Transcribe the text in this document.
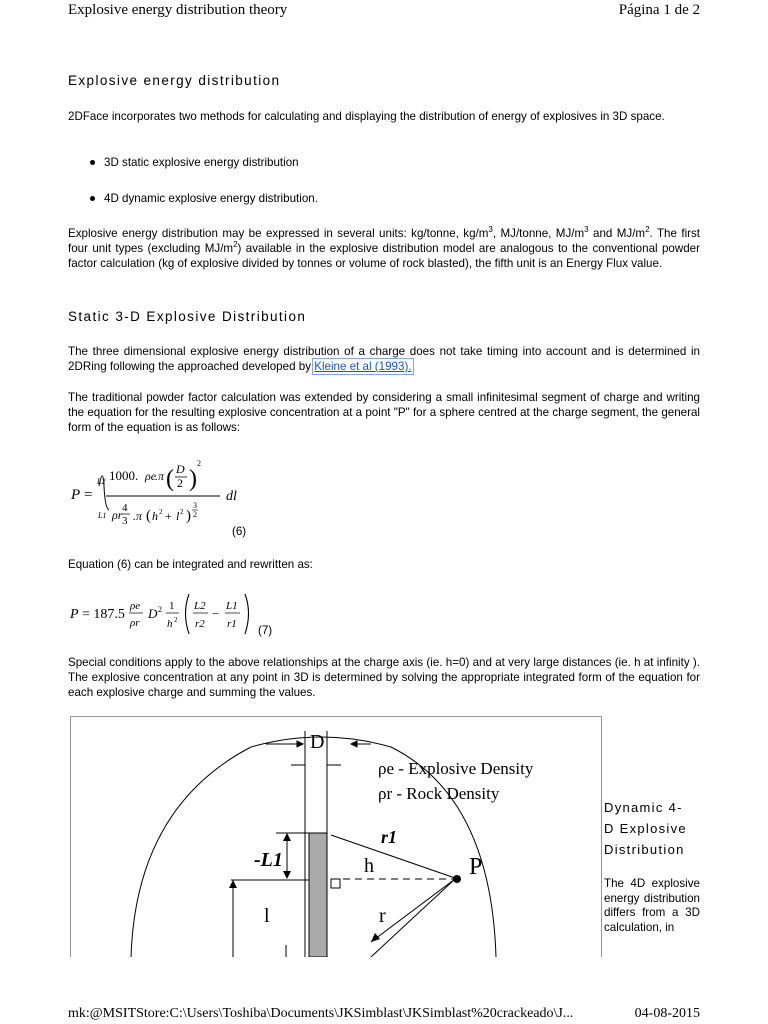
Explosive energy distribution theory	Página 1 de 2
Explosive energy distribution
2DFace incorporates two methods for calculating and displaying the distribution of energy of explosives in 3D space.
3D static explosive energy distribution
4D dynamic explosive energy distribution.
Explosive energy distribution may be expressed in several units: kg/tonne, $kg/m^3$, MJ/tonne, $MJ/m^3$ and $MJ/m^2$. The first four unit types (excluding $MJ/m^2$) available in the explosive distribution model are analogous to the conventional powder factor calculation (kg of explosive divided by tonnes or volume of rock blasted), the fifth unit is an Energy Flux value.
Static 3-D Explosive Distribution
The three dimensional explosive energy distribution of a charge does not take timing into account and is determined in 2DRing following the approached developed by Kleine et al (1993).
The traditional powder factor calculation was extended by considering a small infinitesimal segment of charge and writing the equation for the resulting explosive concentration at a point "P" for a sphere centred at the charge segment, the general form of the equation is as follows:
P =
L2
L1
1000. ρe
.π ( D
2 )
2
ρr 4
3 .π ( h 2 + l 2 )
3
2
dl
(6)
Equation (6) can be integrated and rewritten as:
P = 187.5
ρe
ρr
D 2 1
h 2
L2
r2
− L1
r1 (7)
Special conditions apply to the above relationships at the charge axis (ie. h=0) and at very large distances (ie. h at infinity ). The explosive concentration at any point in 3D is determined by solving the appropriate integrated form of the equation for each explosive charge and summing the values.
D
ρe - Explosive Density
ρr - Rock Density
-L1	h
r1
r
l
P
Dynamic 4-
D Explosive
Distribution
The 4D explosive energy distribution differs from a 3D calculation, in
mk:@MSITStore:C:\Users\Toshiba\Documents\JKSimblast\JKSimblast%20crackeado\J...	04-08-2015
